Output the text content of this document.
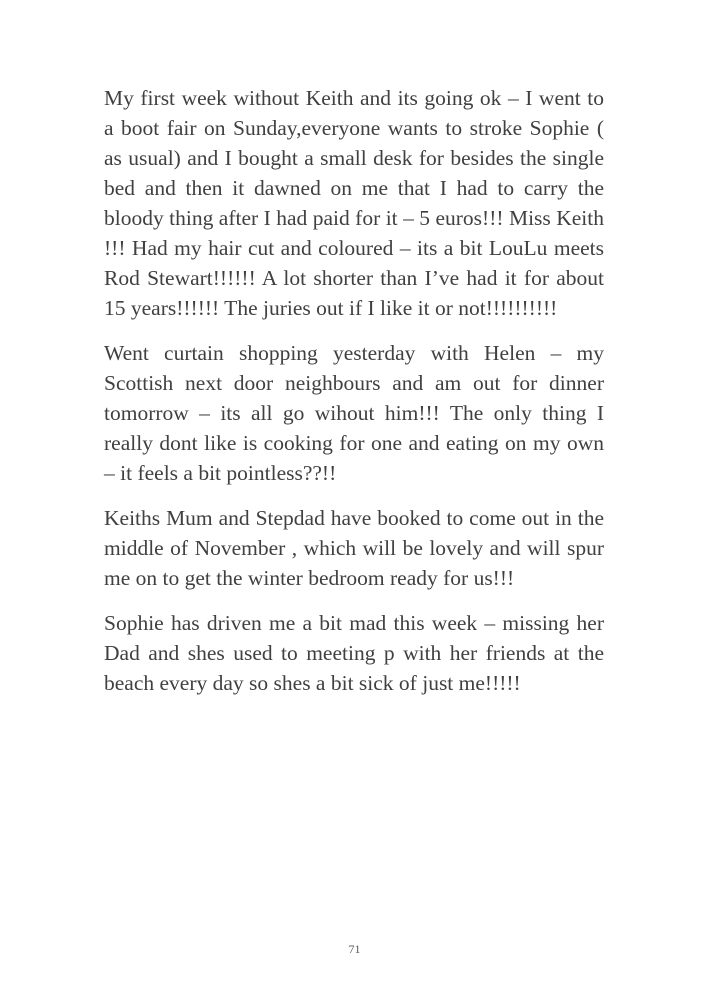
My first week without Keith and its going ok – I went to a boot fair on Sunday,everyone wants to stroke Sophie ( as usual) and I bought a small desk for besides the single bed and then it dawned on me that I had to carry the bloody thing after I had paid for it – 5 euros!!! Miss Keith !!! Had my hair cut and coloured – its a bit LouLu meets Rod Stewart!!!!!! A lot shorter than I’ve had it for about 15 years!!!!!! The juries out if I like it or not!!!!!!!!!!

Went curtain shopping yesterday with Helen – my Scottish next door neighbours and am out for dinner tomorrow – its all go wihout him!!! The only thing I really dont like is cooking for one and eating on my own – it feels a bit pointless??!!

Keiths Mum and Stepdad have booked to come out in the middle of November , which will be lovely and will spur me on to get the winter bedroom ready for us!!!

Sophie has driven me a bit mad this week – missing her Dad and shes used to meeting p with her friends at the beach every day so shes a bit sick of just me!!!!!

71
